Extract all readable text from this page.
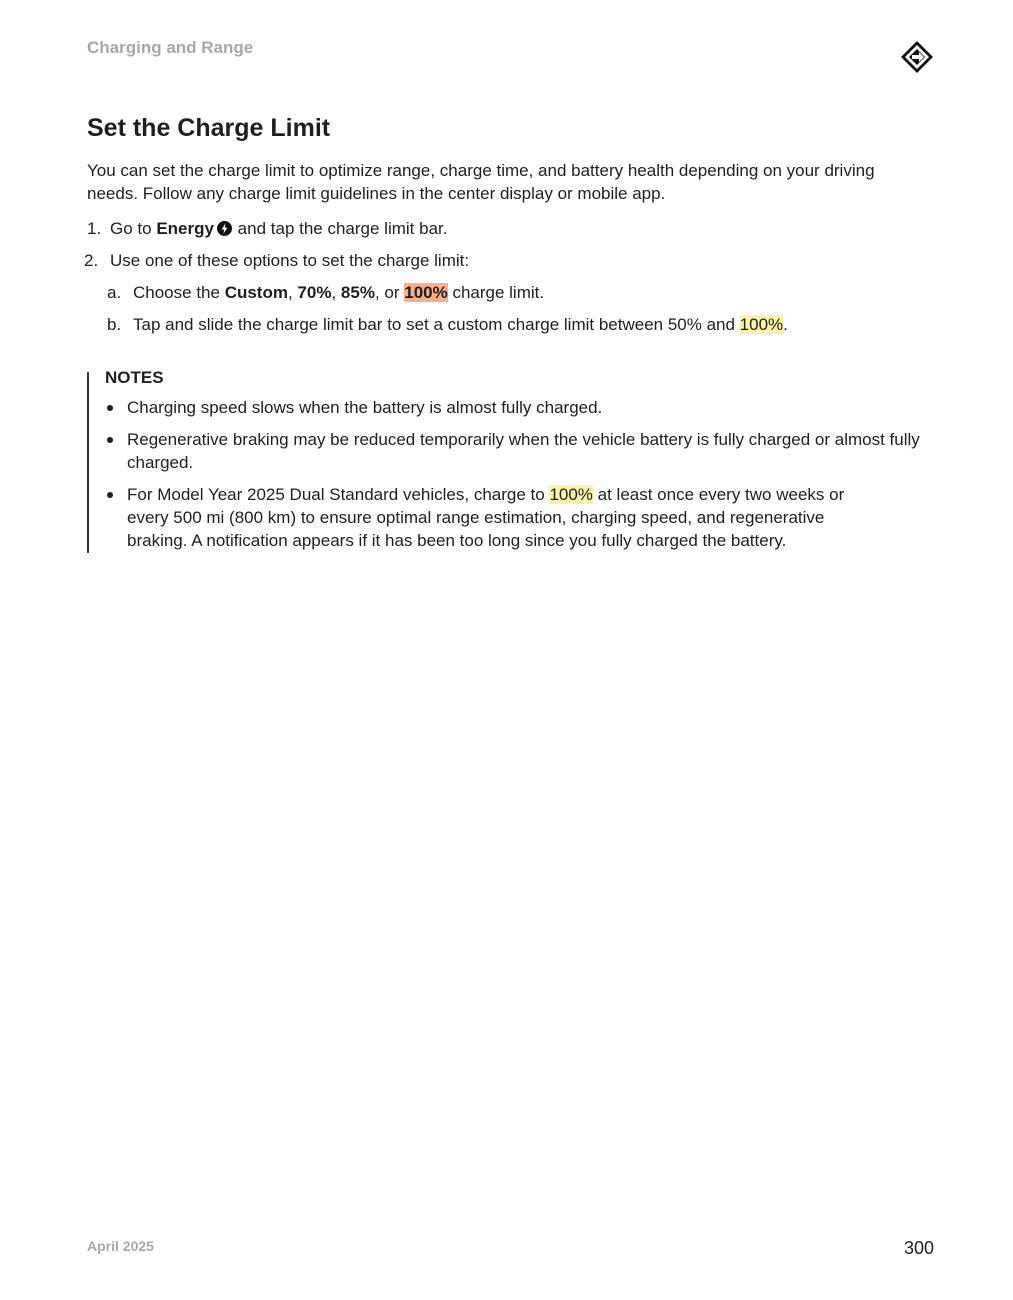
Charging and Range
Set the Charge Limit

You can set the charge limit to optimize range, charge time, and battery health depending on your driving needs. Follow any charge limit guidelines in the center display or mobile app.

1. Go to Energy and tap the charge limit bar.
2. Use one of these options to set the charge limit:
a. Choose the Custom, 70%, 85%, or 100% charge limit.
b. Tap and slide the charge limit bar to set a custom charge limit between 50% and 100%.
NOTES

Charging speed slows when the battery is almost fully charged.

Regenerative braking may be reduced temporarily when the vehicle battery is fully charged or almost fully charged.

For Model Year 2025 Dual Standard vehicles, charge to 100% at least once every two weeks or every 500 mi (800 km) to ensure optimal range estimation, charging speed, and regenerative braking. A notification appears if it has been too long since you fully charged the battery.

April 2025	300
